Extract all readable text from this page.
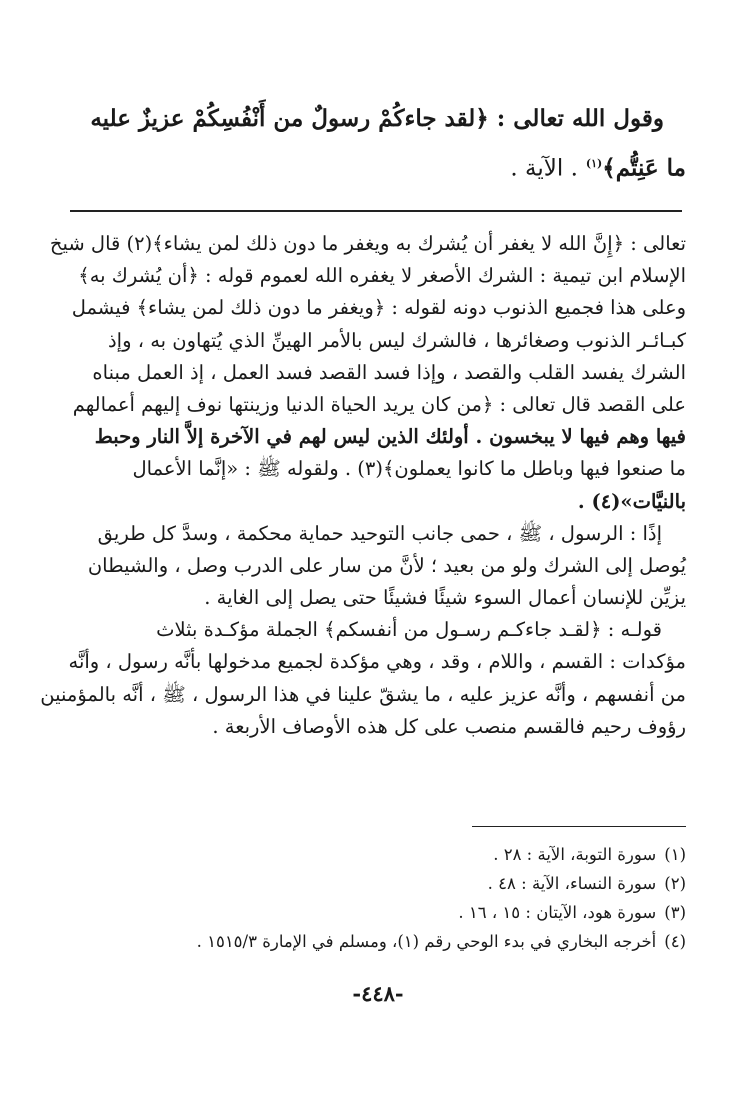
وقول الله تعالى : ﴿لقد جاءكُمْ رسولٌ من أَنْفُسِكُمْ عزيزٌ عليه
ما عَنِتُّم﴾$^{(١)}$ . الآية .
تعالى : ﴿إِنَّ الله لا يغفر أن يُشرك به ويغفر ما دون ذلك لمن يشاء﴾(٢) قال شيخ
الإسلام ابن تيمية : الشرك الأصغر لا يغفره الله لعموم قوله : ﴿أن يُشرك به﴾
وعلى هذا فجميع الذنوب دونه لقوله : ﴿ويغفر ما دون ذلك لمن يشاء﴾ فيشمل
كبـائـر الذنوب وصغائرها ، فالشرك ليس بالأمر الهينِّ الذي يُتهاون به ، وإذ
الشرك يفسد القلب والقصد ، وإذا فسد القصد فسد العمل ، إذ العمل مبناه
على القصد قال تعالى : ﴿من كان يريد الحياة الدنيا وزينتها نوف إليهم أعمالهم
فيها وهم فيها لا يبخسون . أولئك الذين ليس لهم في الآخرة إلاَّ النار وحبط
ما صنعوا فيها وباطل ما كانوا يعملون﴾(٣) . ولقوله ﷺ : «إنَّما الأعمال
بالنيَّات»(٤) .
إذًا : الرسول ، ﷺ ، حمى جانب التوحيد حماية محكمة ، وسدَّ كل طريق
يُوصل إلى الشرك ولو من بعيد ؛ لأنَّ من سار على الدرب وصل ، والشيطان
يزيِّن للإنسان أعمال السوء شيئًا فشيئًا حتى يصل إلى الغاية .
قولـه : ﴿لقـد جاءكـم رسـول من أنفسكم﴾ الجملة مؤكـدة بثلاث
مؤكدات : القسم ، واللام ، وقد ، وهي مؤكدة لجميع مدخولها بأنَّه رسول ، وأنَّه
من أنفسهم ، وأنَّه عزيز عليه ، ما يشقّ علينا في هذا الرسول ، ﷺ ، أنَّه بالمؤمنين
رؤوف رحيم فالقسم منصب على كل هذه الأوصاف الأربعة .
(١)سورة التوبة، الآية : ٢٨ .
(٢)سورة النساء، الآية : ٤٨ .
(٣)سورة هود، الآيتان : ١٥ ، ١٦ .
(٤)أخرجه البخاري في بدء الوحي رقم (١)، ومسلم في الإمارة ١٥١٥/٣ .
-٤٤٨-
